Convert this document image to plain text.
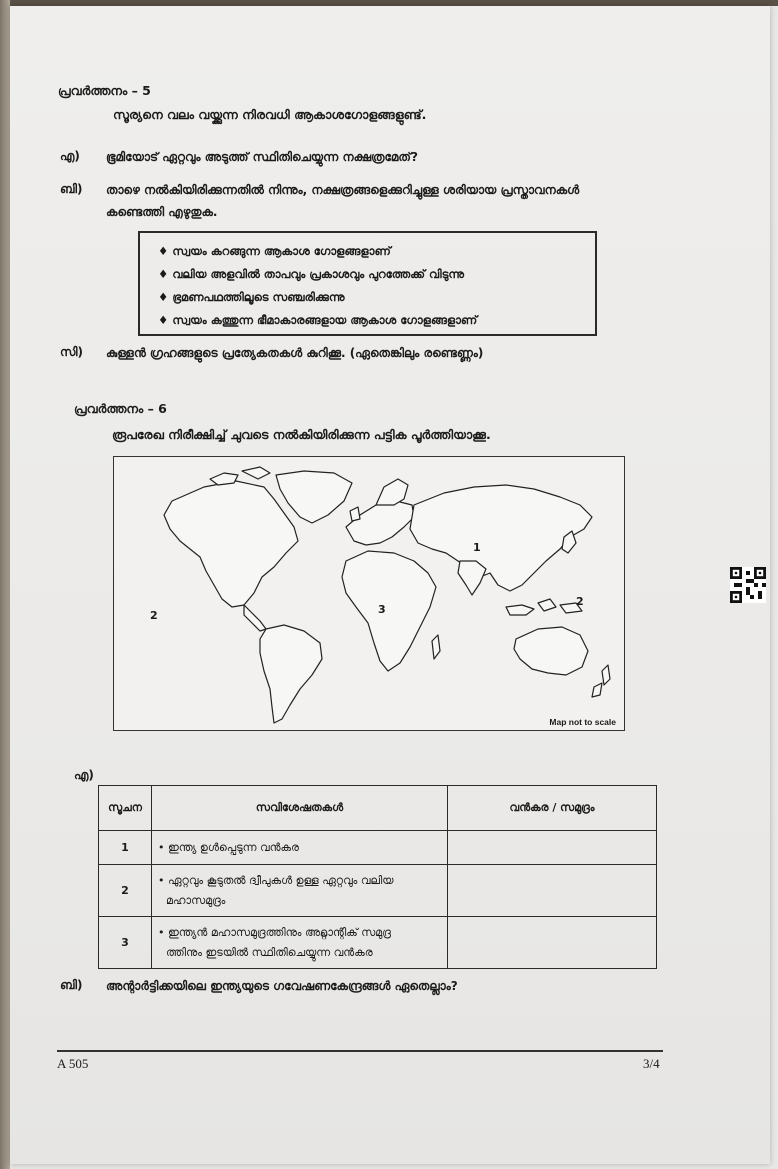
പ്രവർത്തനം – 5
സൂര്യനെ വലം വയ്ക്കുന്ന നിരവധി ആകാശഗോളങ്ങളുണ്ട്.
എ) ഭൂമിയോട് ഏറ്റവും അടുത്ത് സ്ഥിതിചെയ്യുന്ന നക്ഷത്രമേത്?
ബി) താഴെ നൽകിയിരിക്കുന്നതിൽ നിന്നും, നക്ഷത്രങ്ങളെക്കുറിച്ചുള്ള ശരിയായ പ്രസ്താവനകൾ
കണ്ടെത്തി എഴുതുക.
♦ സ്വയം കറങ്ങുന്ന ആകാശ ഗോളങ്ങളാണ്
♦ വലിയ അളവിൽ താപവും പ്രകാശവും പുറത്തേക്ക് വിടുന്നു
♦ ഭ്രമണപഥത്തിലൂടെ സഞ്ചരിക്കുന്നു
♦ സ്വയം കത്തുന്ന ഭീമാകാരങ്ങളായ ആകാശ ഗോളങ്ങളാണ്
സി) കുള്ളൻ ഗ്രഹങ്ങളുടെ പ്രത്യേകതകൾ കുറിക്കൂ. (ഏതെങ്കിലും രണ്ടെണ്ണം)
പ്രവർത്തനം – 6
രൂപരേഖ നിരീക്ഷിച്ച് ചുവടെ നൽകിയിരിക്കുന്ന പട്ടിക പൂർത്തിയാക്കൂ.
1
2
2
3
Map not to scale
എ)
സൂചന	സവിശേഷതകൾ	വൻകര / സമുദ്രം
1	• ഇന്ത്യ ഉൾപ്പെടുന്ന വൻകര	
2	• ഏറ്റവും കൂടുതൽ ദ്വീപുകൾ ഉള്ള ഏറ്റവും വലിയ
മഹാസമുദ്രം	

3	• ഇന്ത്യൻ മഹാസമുദ്രത്തിനും അറ്റ്ലാന്റിക് സമുദ്ര
ത്തിനും ഇടയിൽ സ്ഥിതിചെയ്യുന്ന വൻകര	

ബി) അന്റാർട്ടിക്കയിലെ ഇന്ത്യയുടെ ഗവേഷണകേന്ദ്രങ്ങൾ ഏതെല്ലാം?
A 505	3/4
